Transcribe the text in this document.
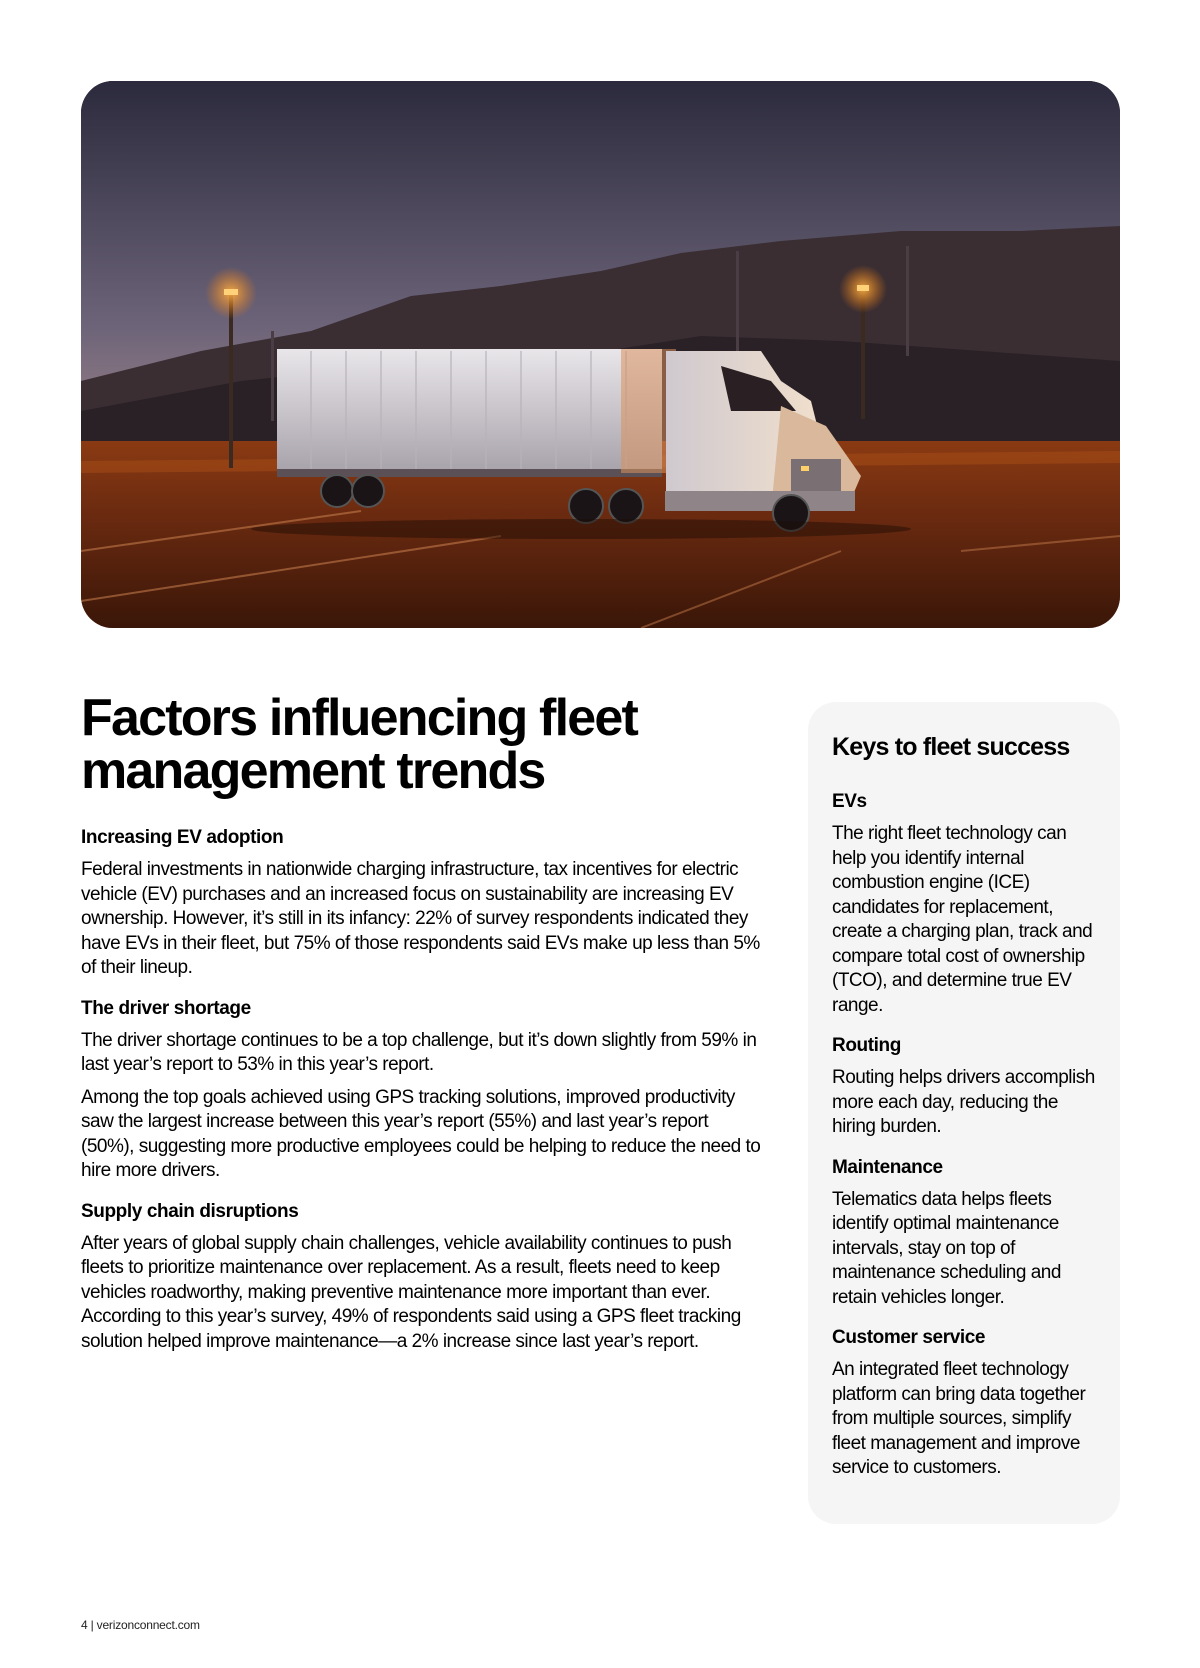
Factors influencing fleet management trends
Increasing EV adoption

Federal investments in nationwide charging infrastructure, tax incentives for electric vehicle (EV) purchases and an increased focus on sustainability are increasing EV ownership. However, it’s still in its infancy: 22% of survey respondents indicated they have EVs in their fleet, but 75% of those respondents said EVs make up less than 5% of their lineup.

The driver shortage

The driver shortage continues to be a top challenge, but it’s down slightly from 59% in last year’s report to 53% in this year’s report.

Among the top goals achieved using GPS tracking solutions, improved productivity saw the largest increase between this year’s report (55%) and last year’s report (50%), suggesting more productive employees could be helping to reduce the need to hire more drivers.

Supply chain disruptions

After years of global supply chain challenges, vehicle availability continues to push fleets to prioritize maintenance over replacement. As a result, fleets need to keep vehicles roadworthy, making preventive maintenance more important than ever. According to this year’s survey, 49% of respondents said using a GPS fleet tracking solution helped improve maintenance—a 2% increase since last year’s report.

Keys to fleet success
EVs

The right fleet technology can help you identify internal combustion engine (ICE) candidates for replacement, create a charging plan, track and compare total cost of ownership (TCO), and determine true EV range.

Routing

Routing helps drivers accomplish more each day, reducing the hiring burden.

Maintenance

Telematics data helps fleets identify optimal maintenance intervals, stay on top of maintenance scheduling and retain vehicles longer.

Customer service

An integrated fleet technology platform can bring data together from multiple sources, simplify fleet management and improve service to customers.

4 | verizonconnect.com
